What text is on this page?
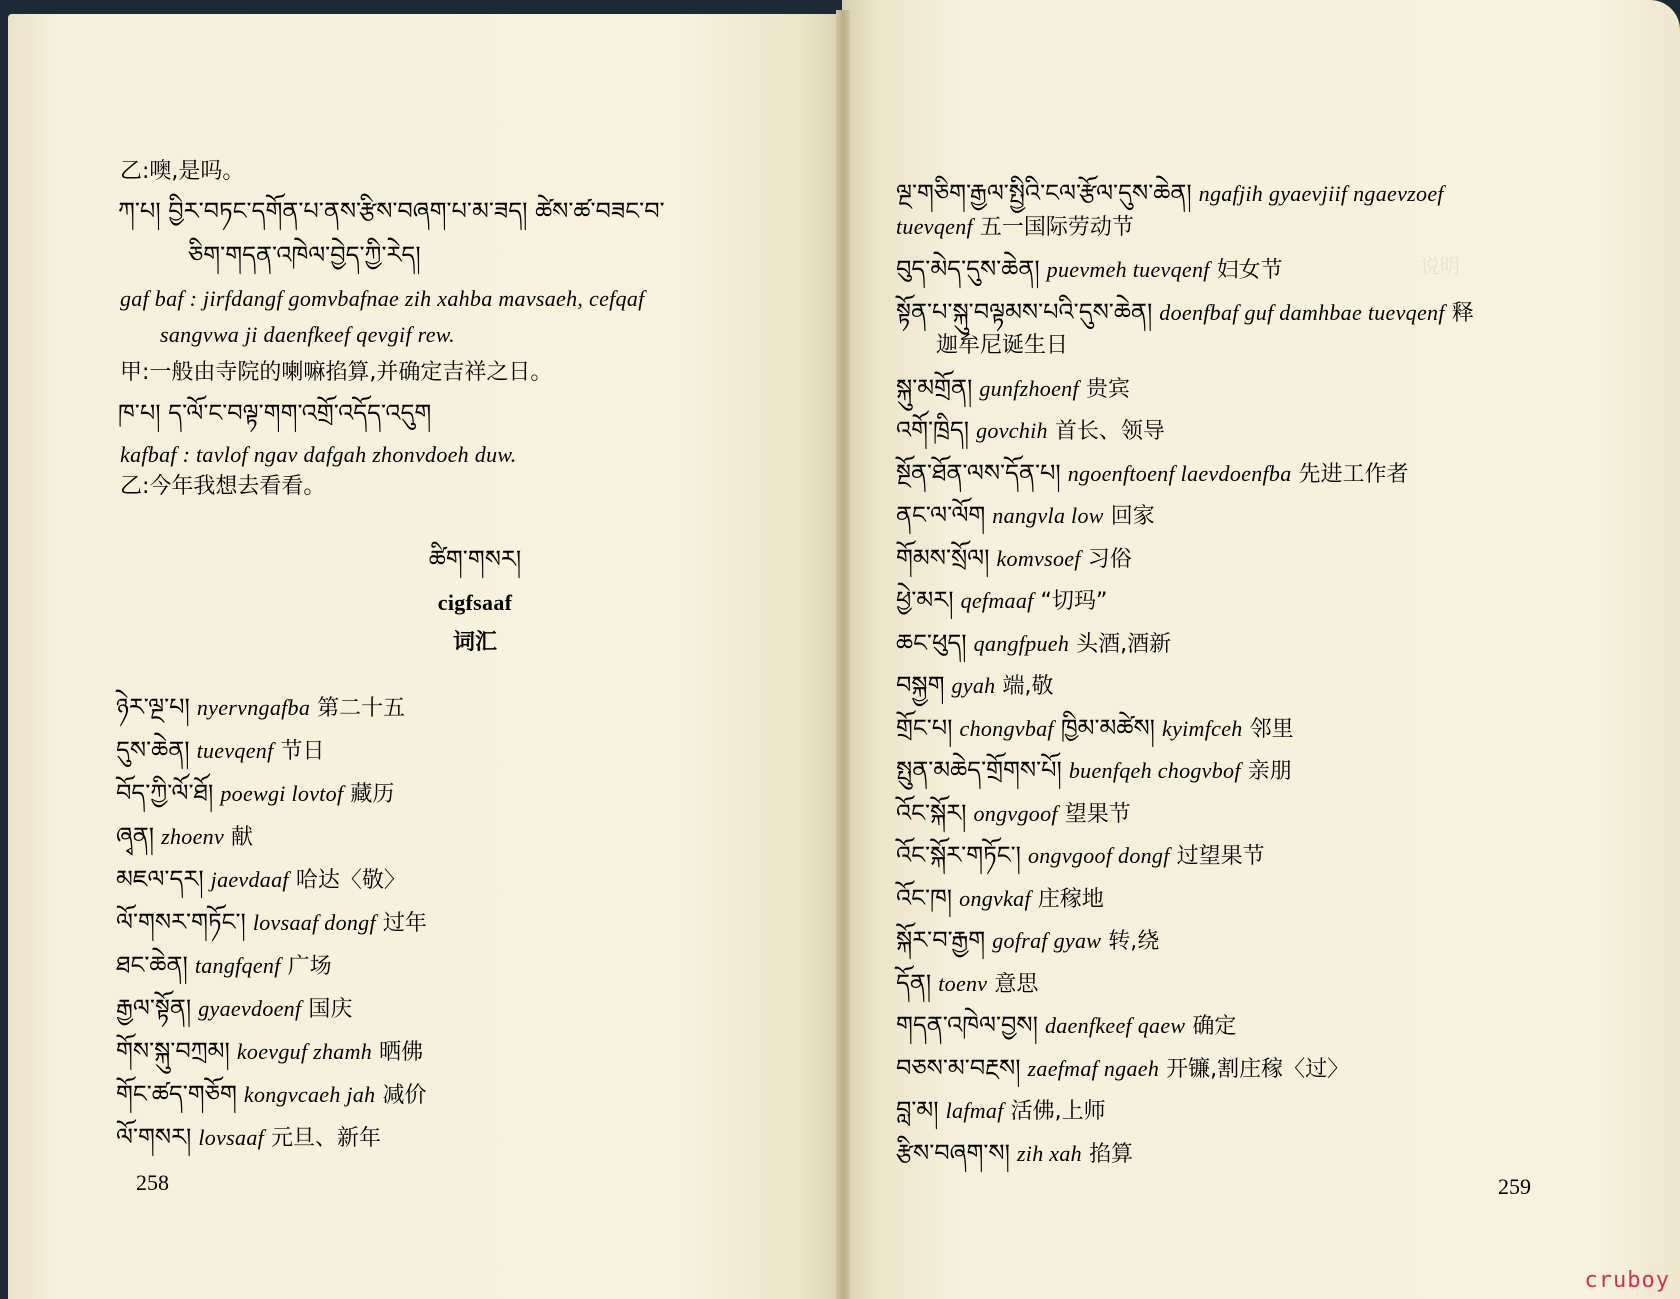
说明
乙:噢,是吗。
ཀ་པ། བྱིར་བཏང་དགོན་པ་ནས་རྩིས་བཞག་པ་མ་ཟད། ཚེས་ཚ་བཟང་བ་
ཅིག་གདན་འཁེལ་བྱེད་ཀྱི་རེད།
gaf baf : jirfdangf gomvbafnae zih xahba mavsaeh, cefqaf
sangvwa ji daenfkeef qevgif rew.
甲:一般由寺院的喇嘛掐算,并确定吉祥之日。
ཁ་པ། ད་ལོ་ང་བལྟ་གག་འགྲོ་འདོད་འདུག
kafbaf : tavlof ngav dafgah zhonvdoeh duw.
乙:今年我想去看看。
ཚིག་གསར།
cigfsaaf
词汇
ཉེར་ལྔ་པ། nyervngafba 第二十五
དུས་ཆེན། tuevqenf 节日
བོད་ཀྱི་ལོ་ཐོ། poewgi lovtof 藏历
ཞྭན། zhoenv 献
མཇལ་དར། jaevdaaf 哈达〈敬〉
ལོ་གསར་གཏོང་། lovsaaf dongf 过年
ཐང་ཆེན། tangfqenf 广场
རྒྱལ་སྟོན། gyaevdoenf 国庆
གོས་སྐུ་བཀྲམ། koevguf zhamh 晒佛
གོང་ཚད་གཅོག kongvcaeh jah 减价
ལོ་གསར། lovsaaf 元旦、新年
258
ལྔ་གཅིག་རྒྱལ་སྤྱིའི་ངལ་རྩོལ་དུས་ཆེན། ngafjih gyaevjiif ngaevzoef
tuevqenf 五一国际劳动节
བུད་མེད་དུས་ཆེན། puevmeh tuevqenf 妇女节
སྟོན་པ་སྐུ་བལྟམས་པའི་དུས་ཆེན། doenfbaf guf damhbae tuevqenf 释
迦牟尼诞生日
སྐུ་མགྲོན། gunfzhoenf 贵宾
འགོ་ཁྲིད། govchih 首长、领导
སྔོན་ཐོན་ལས་དོན་པ། ngoenftoenf laevdoenfba 先进工作者
ནང་ལ་ལོག nangvla low 回家
གོམས་སྲོལ། komvsoef 习俗
ཕྱེ་མར། qefmaaf “切玛”
ཆང་ཕུད། qangfpueh 头酒,酒新
བསྐྱག gyah 端,敬
གྲོང་པ། chongvbaf ཁྱིམ་མཚེས། kyimfceh 邻里
སྤུན་མཆེད་གྲོགས་པོ། buenfqeh chogvbof 亲朋
འོང་སྐོར། ongvgoof 望果节
འོང་སྐོར་གཏོང་། ongvgoof dongf 过望果节
འོང་ཁ། ongvkaf 庄稼地
སྐོར་བ་རྒྱག gofraf gyaw 转,绕
དོན། toenv 意思
གདན་འཁེལ་བྱས། daenfkeef qaew 确定
བཅས་མ་བརྔས། zaefmaf ngaeh 开镰,割庄稼〈过〉
བླ་མ། lafmaf 活佛,上师
རྩིས་བཞག་ས། zih xah 掐算
259
cruboy
